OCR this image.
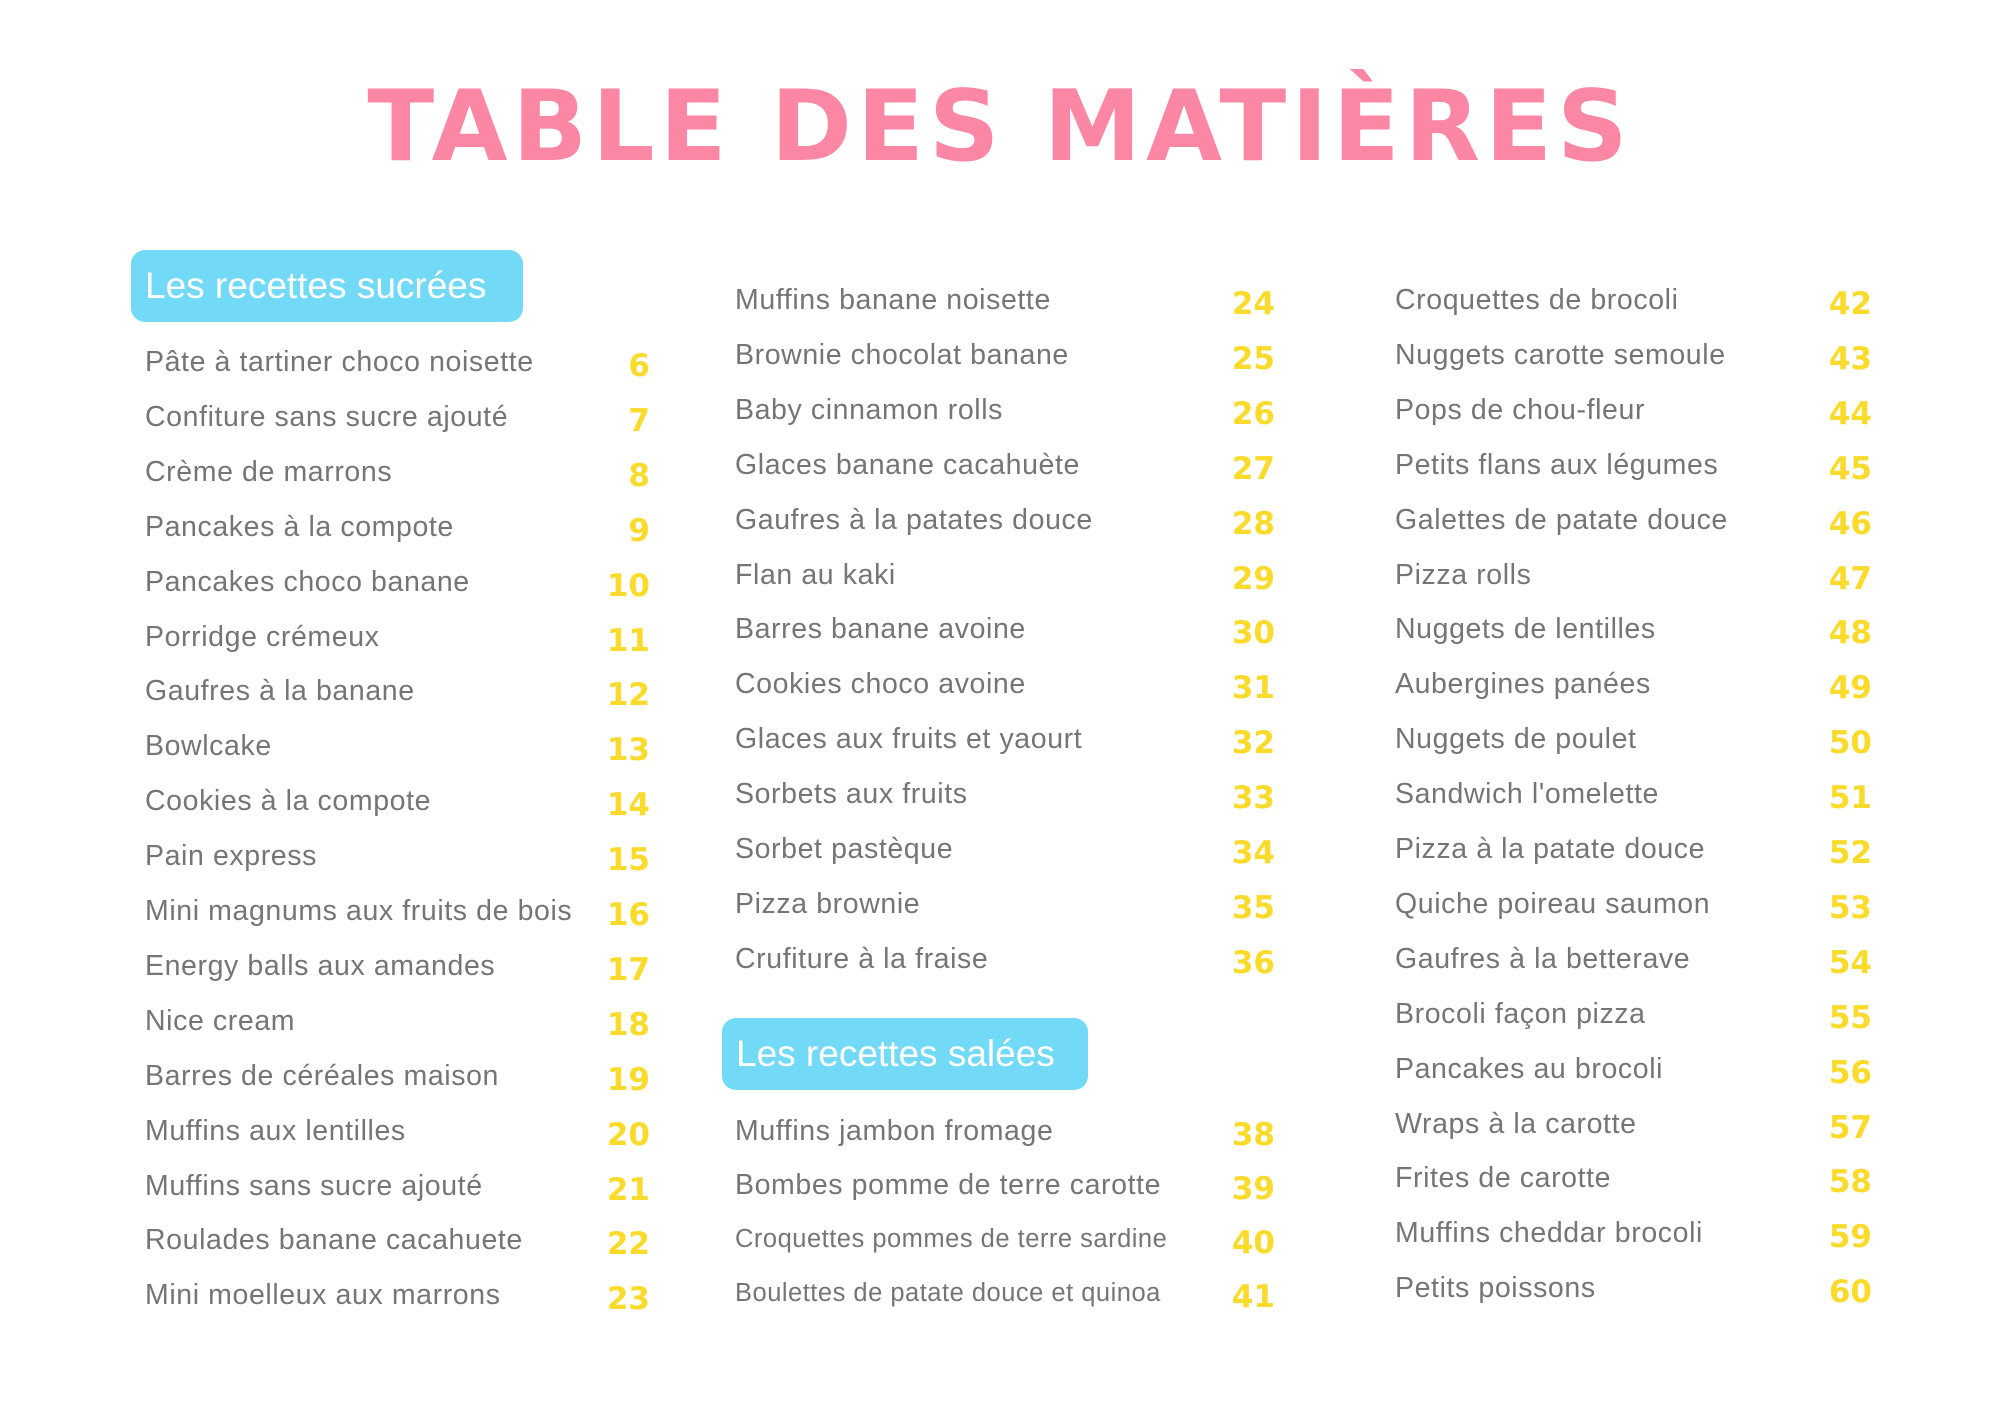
TABLE DES MATIÈRES
Les recettes sucrées
Les recettes salées
Pâte à tartiner choco noisette	6
Confiture sans sucre ajouté	7
Crème de marrons	8
Pancakes à la compote	9
Pancakes choco banane	10
Porridge crémeux	11
Gaufres à la banane	12
Bowlcake	13
Cookies à la compote	14
Pain express	15
Mini magnums aux fruits de bois 16
Energy balls aux amandes	17
Nice cream	18
Barres de céréales maison	19
Muffins aux lentilles	20
Muffins sans sucre ajouté	21
Roulades banane cacahuete	22
Mini moelleux aux marrons	23
Muffins banane noisette	24
Brownie chocolat banane	25
Baby cinnamon rolls	26
Glaces banane cacahuète	27
Gaufres à la patates douce	28
Flan au kaki	29
Barres banane avoine	30
Cookies choco avoine	31
Glaces aux fruits et yaourt	32
Sorbets aux fruits	33
Sorbet pastèque	34
Pizza brownie	35
Crufiture à la fraise	36
Muffins jambon fromage	38
Bombes pomme de terre carotte 39
Croquettes pommes de terre sardine 40
Boulettes de patate douce et quinoa 41
Croquettes de brocoli	42
Nuggets carotte semoule	43
Pops de chou-fleur	44
Petits flans aux légumes	45
Galettes de patate douce	46
Pizza rolls	47
Nuggets de lentilles	48
Aubergines panées	49
Nuggets de poulet	50
Sandwich l'omelette	51
Pizza à la patate douce	52
Quiche poireau saumon	53
Gaufres à la betterave	54
Brocoli façon pizza	55
Pancakes au brocoli	56
Wraps à la carotte	57
Frites de carotte	58
Muffins cheddar brocoli	59
Petits poissons	60
